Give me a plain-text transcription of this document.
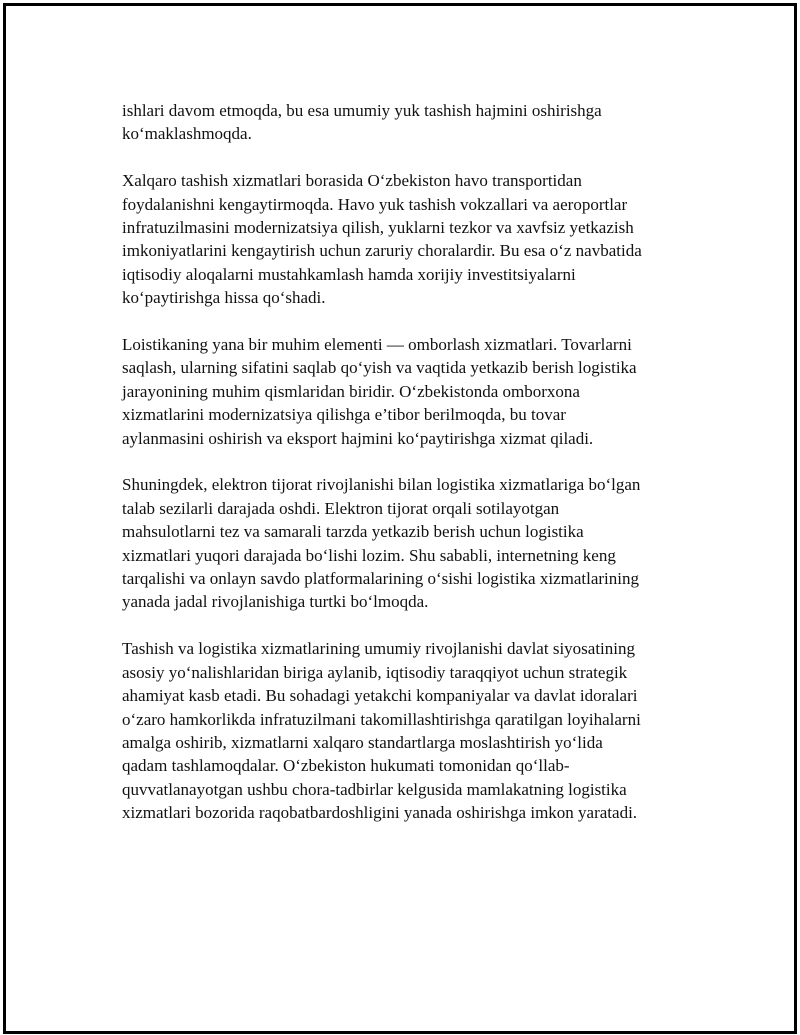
ishlari davom etmoqda, bu esa umumiy yuk tashish hajmini oshirishga
ko‘maklashmoqda.

Xalqaro tashish xizmatlari borasida O‘zbekiston havo transportidan
foydalanishni kengaytirmoqda. Havo yuk tashish vokzallari va aeroportlar
infratuzilmasini modernizatsiya qilish, yuklarni tezkor va xavfsiz yetkazish
imkoniyatlarini kengaytirish uchun zaruriy choralardir. Bu esa o‘z navbatida
iqtisodiy aloqalarni mustahkamlash hamda xorijiy investitsiyalarni
ko‘paytirishga hissa qo‘shadi.

Loistikaning yana bir muhim elementi — omborlash xizmatlari. Tovarlarni
saqlash, ularning sifatini saqlab qo‘yish va vaqtida yetkazib berish logistika
jarayonining muhim qismlaridan biridir. O‘zbekistonda omborxona
xizmatlarini modernizatsiya qilishga e’tibor berilmoqda, bu tovar
aylanmasini oshirish va eksport hajmini ko‘paytirishga xizmat qiladi.

Shuningdek, elektron tijorat rivojlanishi bilan logistika xizmatlariga bo‘lgan
talab sezilarli darajada oshdi. Elektron tijorat orqali sotilayotgan
mahsulotlarni tez va samarali tarzda yetkazib berish uchun logistika
xizmatlari yuqori darajada bo‘lishi lozim. Shu sababli, internetning keng
tarqalishi va onlayn savdo platformalarining o‘sishi logistika xizmatlarining
yanada jadal rivojlanishiga turtki bo‘lmoqda.

Tashish va logistika xizmatlarining umumiy rivojlanishi davlat siyosatining
asosiy yo‘nalishlaridan biriga aylanib, iqtisodiy taraqqiyot uchun strategik
ahamiyat kasb etadi. Bu sohadagi yetakchi kompaniyalar va davlat idoralari
o‘zaro hamkorlikda infratuzilmani takomillashtirishga qaratilgan loyihalarni
amalga oshirib, xizmatlarni xalqaro standartlarga moslashtirish yo‘lida
qadam tashlamoqdalar. O‘zbekiston hukumati tomonidan qo‘llab-
quvvatlanayotgan ushbu chora-tadbirlar kelgusida mamlakatning logistika
xizmatlari bozorida raqobatbardoshligini yanada oshirishga imkon yaratadi.
